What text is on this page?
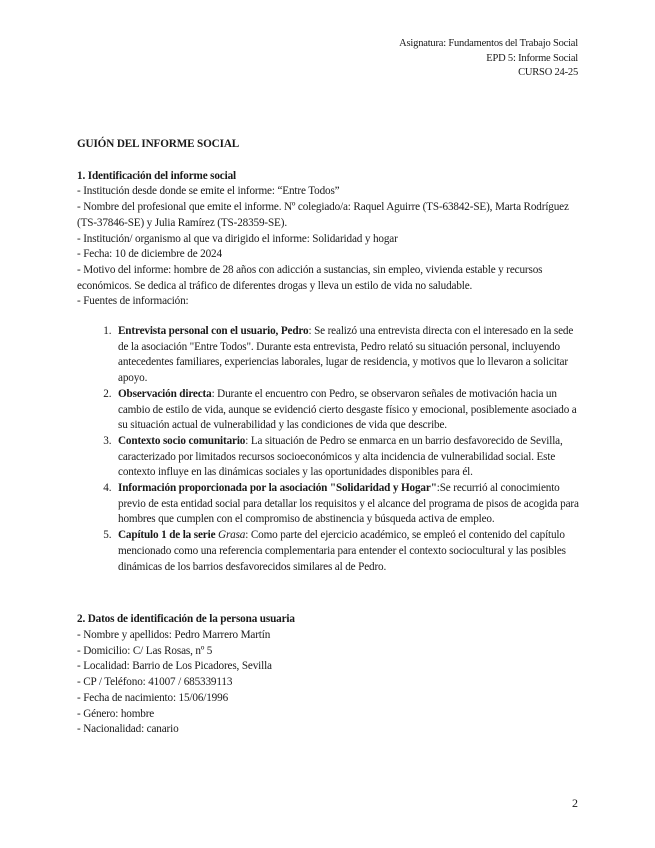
Asignatura: Fundamentos del Trabajo Social
EPD 5: Informe Social
CURSO 24-25

GUIÓN DEL INFORME SOCIAL

1. Identificación del informe social

- Institución desde donde se emite el informe: “Entre Todos”

- Nombre del profesional que emite el informe. Nº colegiado/a: Raquel Aguirre (TS-63842-SE), Marta Rodríguez (TS-37846-SE) y Julia Ramírez (TS-28359-SE).

- Institución/ organismo al que va dirigido el informe: Solidaridad y hogar

- Fecha: 10 de diciembre de 2024

- Motivo del informe: hombre de 28 años con adicción a sustancias, sin empleo, vivienda estable y recursos económicos. Se dedica al tráfico de diferentes drogas y lleva un estilo de vida no saludable.

- Fuentes de información:

1. Entrevista personal con el usuario, Pedro: Se realizó una entrevista directa con el interesado en la sede de la asociación "Entre Todos". Durante esta entrevista, Pedro relató su situación personal, incluyendo antecedentes familiares, experiencias laborales, lugar de residencia, y motivos que lo llevaron a solicitar apoyo.
2. Observación directa: Durante el encuentro con Pedro, se observaron señales de motivación hacia un cambio de estilo de vida, aunque se evidenció cierto desgaste físico y emocional, posiblemente asociado a su situación actual de vulnerabilidad y las condiciones de vida que describe.
3. Contexto socio comunitario: La situación de Pedro se enmarca en un barrio desfavorecido de Sevilla, caracterizado por limitados recursos socioeconómicos y alta incidencia de vulnerabilidad social. Este contexto influye en las dinámicas sociales y las oportunidades disponibles para él.
4. Información proporcionada por la asociación "Solidaridad y Hogar":Se recurrió al conocimiento previo de esta entidad social para detallar los requisitos y el alcance del programa de pisos de acogida para hombres que cumplen con el compromiso de abstinencia y búsqueda activa de empleo.
5. Capítulo 1 de la serie Grasa: Como parte del ejercicio académico, se empleó el contenido del capítulo mencionado como una referencia complementaria para entender el contexto sociocultural y las posibles dinámicas de los barrios desfavorecidos similares al de Pedro.

2. Datos de identificación de la persona usuaria

- Nombre y apellidos: Pedro Marrero Martín

- Domicilio: C/ Las Rosas, nº 5

- Localidad: Barrio de Los Picadores, Sevilla

- CP / Teléfono: 41007 / 685339113

- Fecha de nacimiento: 15/06/1996

- Género: hombre

- Nacionalidad: canario

2
